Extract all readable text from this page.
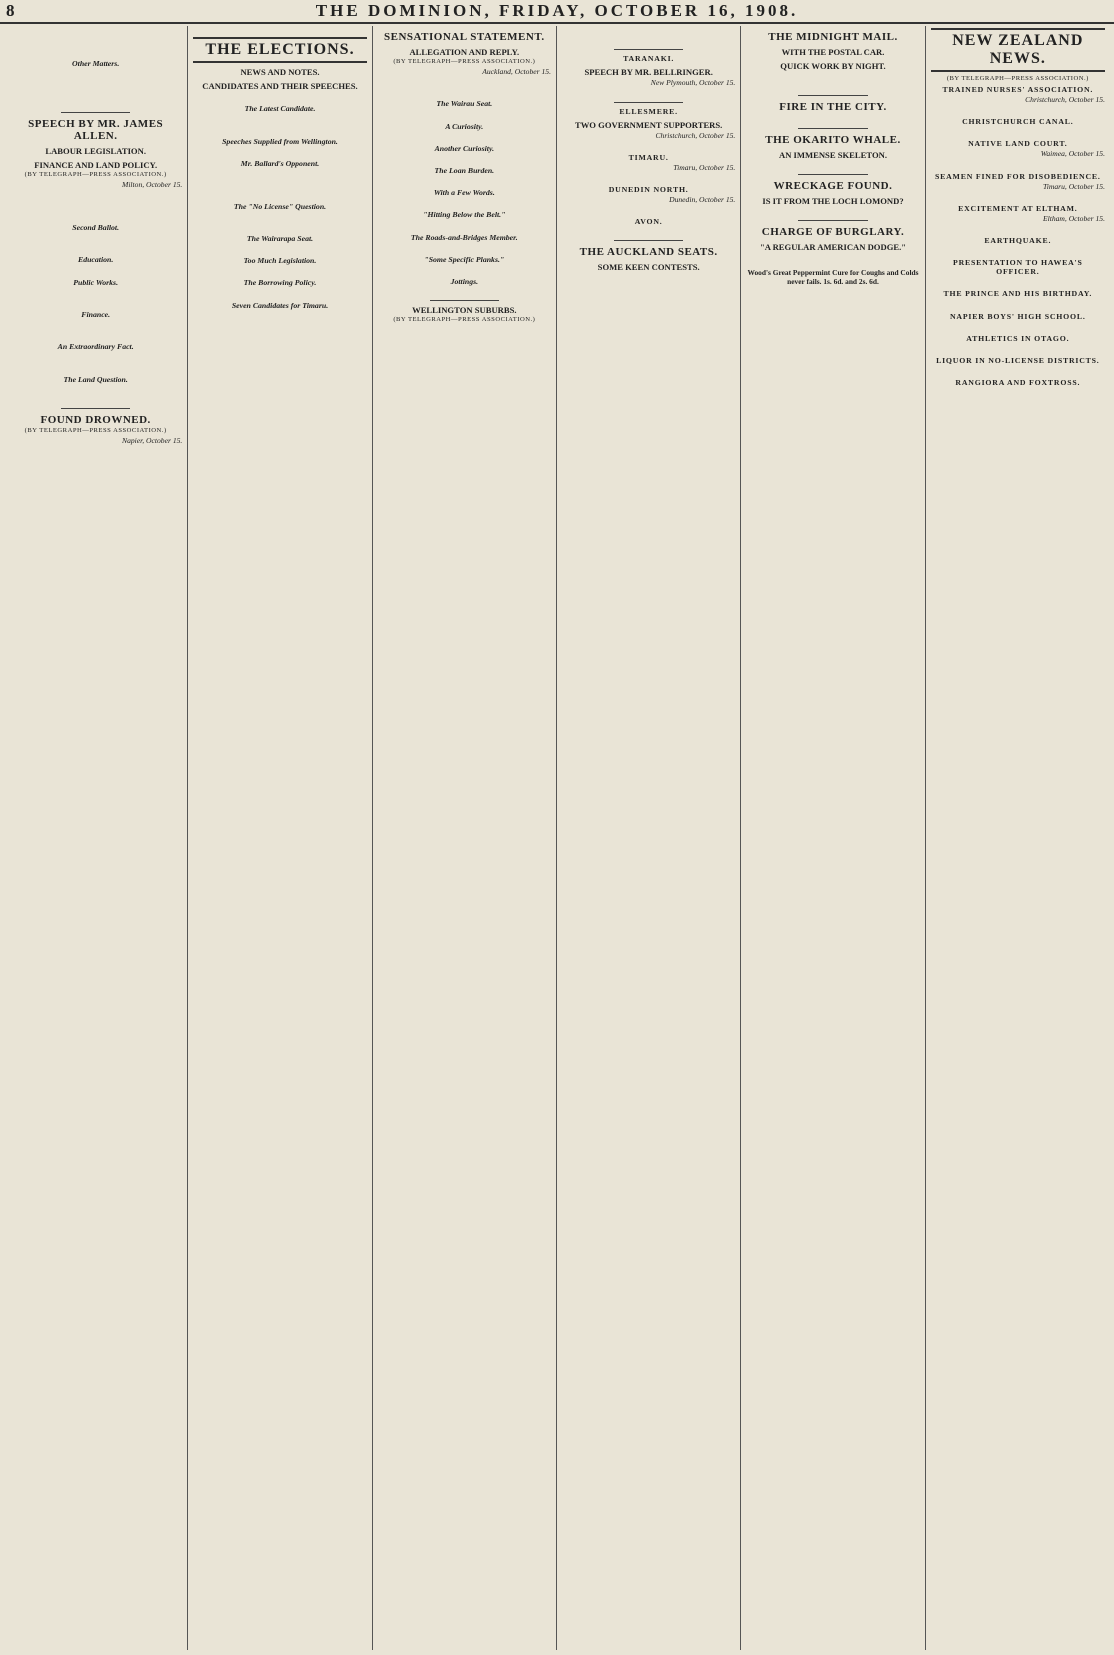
8	THE DOMINION, FRIDAY, OCTOBER 16, 1908.

Other Matters.

SPEECH BY MR. JAMES ALLEN.
LABOUR LEGISLATION.
FINANCE AND LAND POLICY.
(BY TELEGRAPH—PRESS ASSOCIATION.)
Milton, October 15.

Second Ballot.

Education.

Public Works.

Finance.

An Extraordinary Fact.

The Land Question.

FOUND DROWNED.
(BY TELEGRAPH—PRESS ASSOCIATION.)
Napier, October 15.

THE ELECTIONS.
NEWS AND NOTES.
CANDIDATES AND THEIR SPEECHES.

The Latest Candidate.

Speeches Supplied from Wellington.

Mr. Ballard's Opponent.

The "No License" Question.

The Wairarapa Seat.

Too Much Legislation.

The Borrowing Policy.

Seven Candidates for Timaru.

SENSATIONAL STATEMENT.
ALLEGATION AND REPLY.
(BY TELEGRAPH—PRESS ASSOCIATION.)
Auckland, October 15.

The Wairau Seat.

A Curiosity.

Another Curiosity.

The Loan Burden.

With a Few Words.

"Hitting Below the Belt."

The Roads-and-Bridges Member.

"Some Specific Planks."

Jottings.

WELLINGTON SUBURBS.
(BY TELEGRAPH—PRESS ASSOCIATION.)

TARANAKI.
SPEECH BY MR. BELLRINGER.
New Plymouth, October 15.

ELLESMERE.
TWO GOVERNMENT SUPPORTERS.
Christchurch, October 15.

TIMARU.
Timaru, October 15.

DUNEDIN NORTH.
Dunedin, October 15.

AVON.

THE AUCKLAND SEATS.
SOME KEEN CONTESTS.

THE MIDNIGHT MAIL.
WITH THE POSTAL CAR.
QUICK WORK BY NIGHT.

FIRE IN THE CITY.

THE OKARITO WHALE.
AN IMMENSE SKELETON.

WRECKAGE FOUND.
IS IT FROM THE LOCH LOMOND?

CHARGE OF BURGLARY.
"A REGULAR AMERICAN DODGE."

Wood's Great Peppermint Cure for Coughs and Colds never fails. 1s. 6d. and 2s. 6d.
NEW ZEALAND NEWS.
(BY TELEGRAPH—PRESS ASSOCIATION.)
TRAINED NURSES' ASSOCIATION.
Christchurch, October 15.

CHRISTCHURCH CANAL.

NATIVE LAND COURT.
Waimea, October 15.

SEAMEN FINED FOR DISOBEDIENCE.
Timaru, October 15.

EXCITEMENT AT ELTHAM.
Eltham, October 15.

EARTHQUAKE.

PRESENTATION TO HAWEA'S OFFICER.

THE PRINCE AND HIS BIRTHDAY.

NAPIER BOYS' HIGH SCHOOL.

ATHLETICS IN OTAGO.

LIQUOR IN NO-LICENSE DISTRICTS.

RANGIORA AND FOXTROSS.
